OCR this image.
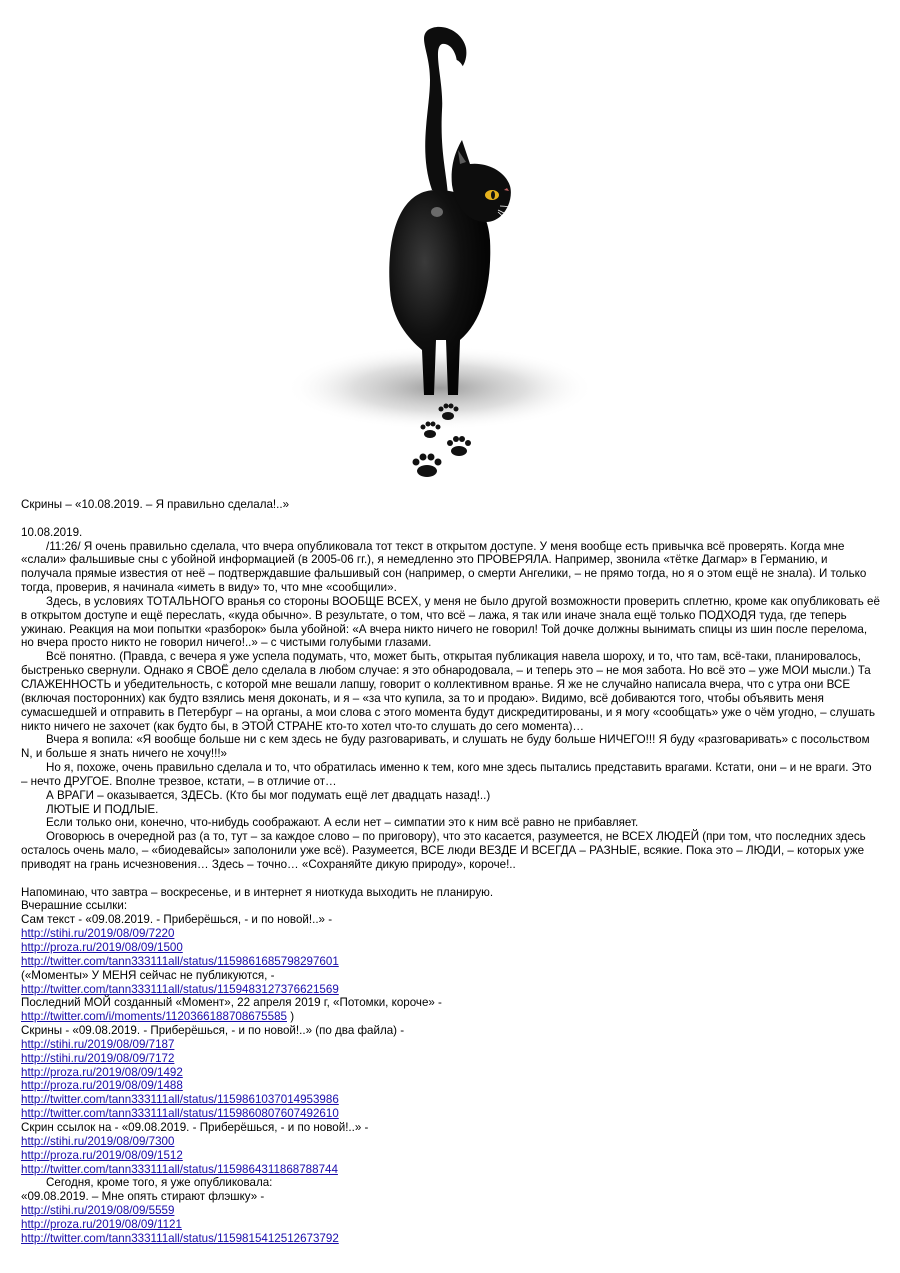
Скрины – «10.08.2019. – Я правильно сделала!..»

10.08.2019.

/11:26/ Я очень правильно сделала, что вчера опубликовала тот текст в открытом доступе. У меня вообще есть привычка всё проверять. Когда мне «слали» фальшивые сны с убойной информацией (в 2005-06 гг.), я немедленно это ПРОВЕРЯЛА. Например, звонила «тётке Дагмар» в Германию, и получала прямые известия от неё – подтверждавшие фальшивый сон (например, о смерти Ангелики, – не прямо тогда, но я о этом ещё не знала). И только тогда, проверив, я начинала «иметь в виду» то, что мне «сообщили».

Здесь, в условиях ТОТАЛЬНОГО вранья со стороны ВООБЩЕ ВСЕХ, у меня не было другой возможности проверить сплетню, кроме как опубликовать её в открытом доступе и ещё переслать, «куда обычно». В результате, о том, что всё – лажа, я так или иначе знала ещё только ПОДХОДЯ туда, где теперь ужинаю. Реакция на мои попытки «разборок» была убойной: «А вчера никто ничего не говорил! Той дочке должны вынимать спицы из шин после перелома, но вчера просто никто не говорил ничего!..» – с чистыми голубыми глазами.

Всё понятно. (Правда, с вечера я уже успела подумать, что, может быть, открытая публикация навела шороху, и то, что там, всё-таки, планировалось, быстренько свернули. Однако я СВОЁ дело сделала в любом случае: я это обнародовала, – и теперь это – не моя забота. Но всё это – уже МОИ мысли.) Та СЛАЖЕННОСТЬ и убедительность, с которой мне вешали лапшу, говорит о коллективном вранье. Я же не случайно написала вчера, что с утра они ВСЕ (включая посторонних) как будто взялись меня доконать, и я – «за что купила, за то и продаю». Видимо, всё добиваются того, чтобы объявить меня сумасшедшей и отправить в Петербург – на органы, а мои слова с этого момента будут дискредитированы, и я могу «сообщать» уже о чём угодно, – слушать никто ничего не захочет (как будто бы, в ЭТОЙ СТРАНЕ кто-то хотел что-то слушать до сего момента)…

Вчера я вопила: «Я вообще больше ни с кем здесь не буду разговаривать, и слушать не буду больше НИЧЕГО!!! Я буду «разговаривать» с посольством N, и больше я знать ничего не хочу!!!»

Но я, похоже, очень правильно сделала и то, что обратилась именно к тем, кого мне здесь пытались представить врагами. Кстати, они – и не враги. Это – нечто ДРУГОЕ. Вполне трезвое, кстати, – в отличие от…

А ВРАГИ – оказывается, ЗДЕСЬ. (Кто бы мог подумать ещё лет двадцать назад!..)

ЛЮТЫЕ И ПОДЛЫЕ.

Если только они, конечно, что-нибудь соображают. А если нет – симпатии это к ним всё равно не прибавляет.

Оговорюсь в очередной раз (а то, тут – за каждое слово – по приговору), что это касается, разумеется, не ВСЕХ ЛЮДЕЙ (при том, что последних здесь осталось очень мало, – «биодевайсы» заполонили уже всё). Разумеется, ВСЕ люди ВЕЗДЕ И ВСЕГДА – РАЗНЫЕ, всякие. Пока это – ЛЮДИ, – которых уже приводят на грань исчезновения… Здесь – точно… «Сохраняйте дикую природу», короче!..

Напоминаю, что завтра – воскресенье, и в интернет я ниоткуда выходить не планирую.

Вчерашние ссылки:

Сам текст - «09.08.2019. - Приберёшься, - и по новой!..» -

http://stihi.ru/2019/08/09/7220

http://proza.ru/2019/08/09/1500

http://twitter.com/tann333111all/status/1159861685798297601

(«Моменты» У МЕНЯ сейчас не публикуются, -

http://twitter.com/tann333111all/status/1159483127376621569

Последний МОЙ созданный «Момент», 22 апреля 2019 г, «Потомки, короче» -

http://twitter.com/i/moments/1120366188708675585 )

Скрины - «09.08.2019. - Приберёшься, - и по новой!..» (по два файла) -

http://stihi.ru/2019/08/09/7187

http://stihi.ru/2019/08/09/7172

http://proza.ru/2019/08/09/1492

http://proza.ru/2019/08/09/1488

http://twitter.com/tann333111all/status/1159861037014953986

http://twitter.com/tann333111all/status/1159860807607492610

Скрин ссылок на - «09.08.2019. - Приберёшься, - и по новой!..» -

http://stihi.ru/2019/08/09/7300

http://proza.ru/2019/08/09/1512

http://twitter.com/tann333111all/status/1159864311868788744

Сегодня, кроме того, я уже опубликовала:

«09.08.2019. – Мне опять стирают флэшку» -

http://stihi.ru/2019/08/09/5559

http://proza.ru/2019/08/09/1121

http://twitter.com/tann333111all/status/1159815412512673792
